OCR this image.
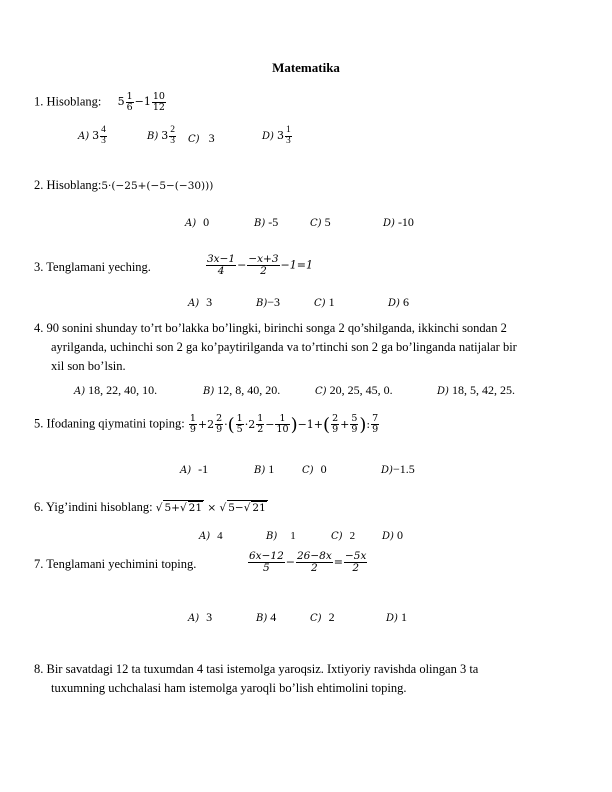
Matematika
1. Hisoblang: $5 \frac{1}{6} -1 \frac{10}{12}$
A) $3 \frac{4}{3}$	B) $3 \frac{2}{3} C$) 3	D) $3 \frac{1}{3}$
2. Hisoblang:5·(−25+(−5−(−30)))
A) 0	B) -5	C) 5	D) -10
3. Tenglamani yeching.	$\frac{3x-1}{4} - \frac{-x+3}{2} -1=1$
A) 3	B)−3	C) 1	D) 6
4. 90 sonini shunday to’rt bo’lakka bo’lingki, birinchi songa 2 qo’shilganda, ikkinchi sondan 2
ayrilganda, uchinchi son 2 ga ko’paytirilganda va to’rtinchi son 2 ga bo’linganda natijalar bir
xil son bo’lsin.
A) 18, 22, 40, 10.	B) 12, 8, 40, 20.	C) 20, 25, 45, 0.	D) 18, 5, 42, 25.
5. Ifodaning qiymatini toping: $\frac{1}{9} +2 \frac{2}{9}$ ·( $\frac{1}{5} \cdot 2 \frac{1}{2} - \frac{1}{10} )-1+( \frac{2}{9} + \frac{5}{9}$ ): $\frac{7}{9}$
A) -1	B) 1	C) 0	D)−1.5
6. Yig’indini hisoblang: √ 5+√ 21 × √ 5−√ 21
A) 4	B) 1	C) 2	D) 0
7. Tenglamani yechimini toping.	$\frac{6x-12}{5} - \frac{26-8x}{2} = \frac{-5x}{2}$
A) 3	B) 4	C) 2	D) 1
8. Bir savatdagi 12 ta tuxumdan 4 tasi istemolga yaroqsiz. Ixtiyoriy ravishda olingan 3 ta
tuxumning uchchalasi ham istemolga yaroqli bo’lish ehtimolini toping.
